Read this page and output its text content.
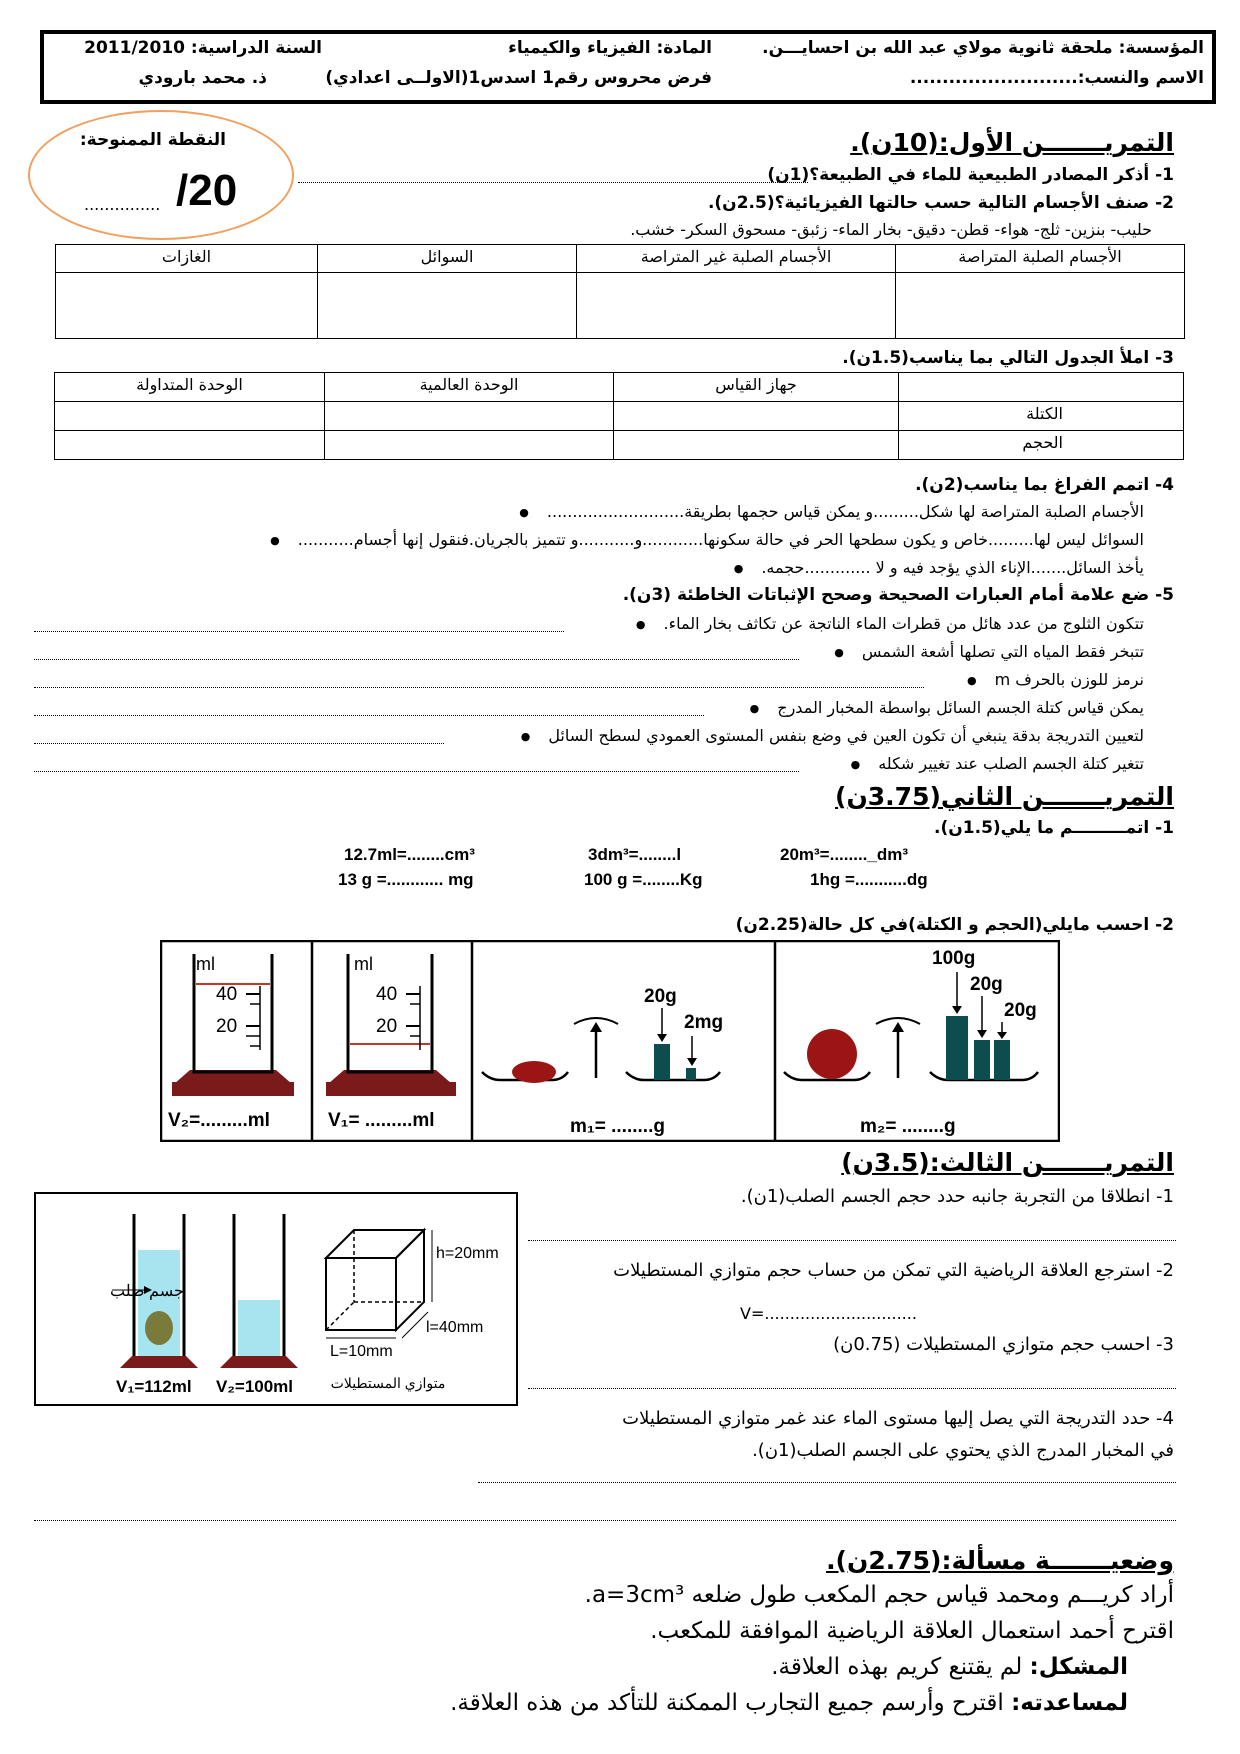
المؤسسة: ملحقة ثانوية مولاي عبد الله بن احسايـــن.
الاسم والنسب:..........................
المادة: الفيزياء والكيمياء
فرض محروس رقم1 اسدس1(الاولــى اعدادي)
السنة الدراسية: 2011/2010
ذ. محمد بارودي
النقطة الممنوحة:
............... /20
التمريـــــــن الأول:(10ن).
1- أذكر المصادر الطبيعية للماء في الطبيعة؟(1ن)
2- صنف الأجسام التالية حسب حالتها الفيزيائية؟(2.5ن).
حليب- بنزين- ثلج- هواء- قطن- دقيق- بخار الماء- زئبق- مسحوق السكر- خشب.
الأجسام الصلبة المتراصة	الأجسام الصلبة غير المتراصة	السوائل	الغازات

3- املأ الجدول التالي بما يناسب(1.5ن).
	جهاز القياس	الوحدة العالمية	الوحدة المتداولة
الكتلة			
الحجم			
4- اتمم الفراغ بما يناسب(2ن).
الأجسام الصلبة المتراصة لها شكل.........و يمكن قياس حجمها بطريقة........................... ●
السوائل ليس لها.........خاص و يكون سطحها الحر في حالة سكونها............و...........و تتميز بالجريان.فنقول إنها أجسام........... ●
يأخذ السائل.......الإناء الذي يؤجد فيه و لا .............حجمه. ●
5- ضع علامة أمام العبارات الصحيحة وصحح الإثباتات الخاطئة (3ن).
تتكون الثلوج من عدد هائل من قطرات الماء الناتجة عن تكاثف بخار الماء. ●
تتبخر فقط المياه التي تصلها أشعة الشمس ●
نرمز للوزن بالحرف m ●
يمكن قياس كتلة الجسم السائل بواسطة المخبار المدرج ●
لتعيين التدريجة بدقة ينبغي أن تكون العين في وضع بنفس المستوى العمودي لسطح السائل ●
تتغير كتلة الجسم الصلب عند تغيير شكله ●
التمريـــــــن الثاني(3.75ن)
1- اتمـــــــــم ما يلي(1.5ن).
20m³=........_dm³
3dm³=........l
12.7ml=........cm³
1hg =...........dg
100 g =........Kg
13 g =............ mg
2- احسب مايلي(الحجم و الكتلة)في كل حالة(2.25ن)
ml
40
20
V₂=.........ml
ml
40
20
V₁= .........ml
20g
2mg
m₁= ........g
100g
20g
20g
m₂= ........g
التمريـــــــن الثالث:(3.5ن)
جسم صلب
V₁=112ml V₂=100ml
h=20mm
l=40mm
L=10mm
متوازي المستطيلات
1- انطلاقا من التجربة جانبه حدد حجم الجسم الصلب(1ن).
2- استرجع العلاقة الرياضية التي تمكن من حساب حجم متوازي المستطيلات
V=..............................
3- احسب حجم متوازي المستطيلات (0.75ن)
4- حدد التدريجة التي يصل إليها مستوى الماء عند غمر متوازي المستطيلات
في المخبار المدرج الذي يحتوي على الجسم الصلب(1ن).
وضعيـــــــة مسألة:(2.75ن).
أراد كريـــم ومحمد قياس حجم المكعب طول ضلعه a=3cm³.
اقترح أحمد استعمال العلاقة الرياضية الموافقة للمكعب.
المشكل: لم يقتنع كريم بهذه العلاقة.
لمساعدته: اقترح وأرسم جميع التجارب الممكنة للتأكد من هذه العلاقة.
